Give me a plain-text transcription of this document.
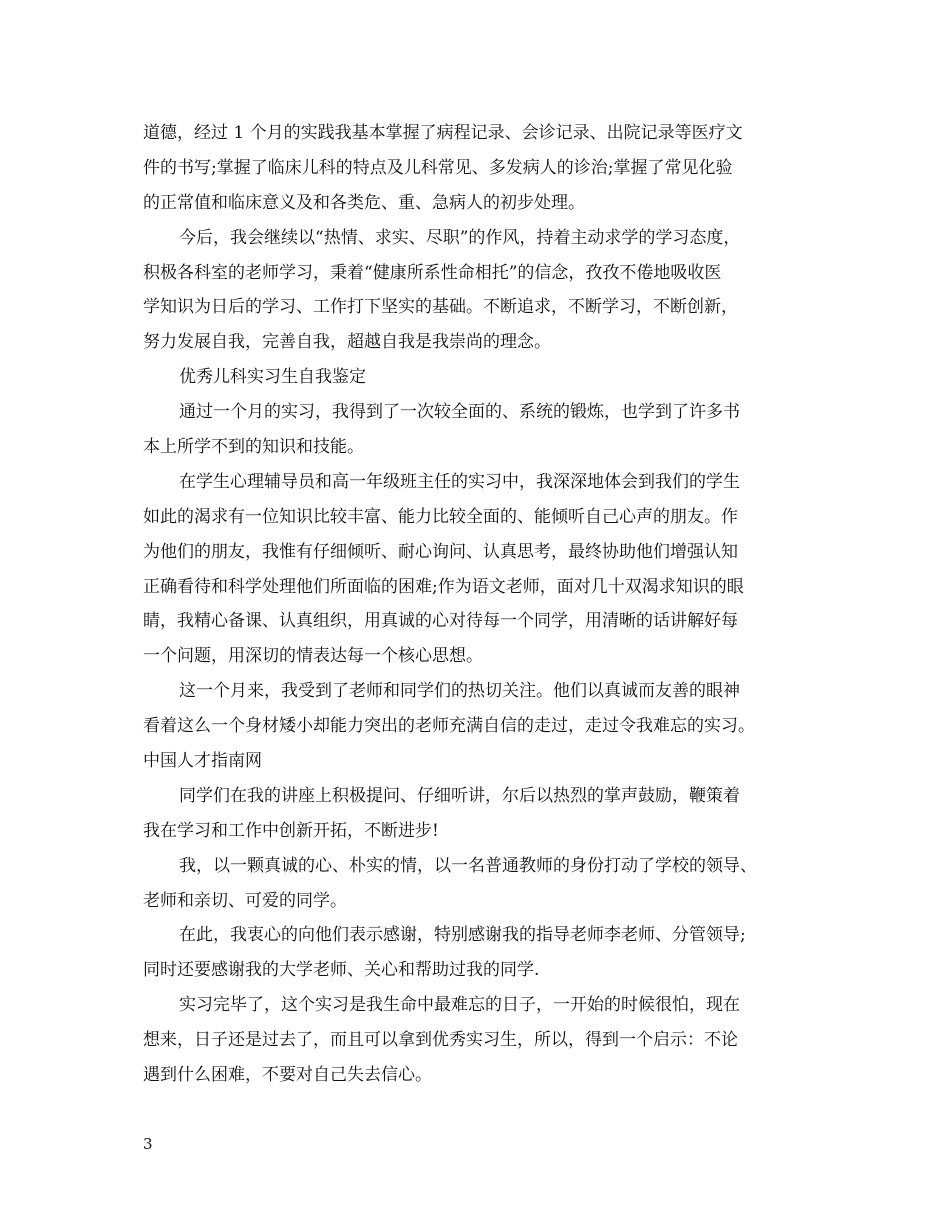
道德，经过 1 个月的实践我基本掌握了病程记录、会诊记录、出院记录等医疗文
件的书写;掌握了临床儿科的特点及儿科常见、多发病人的诊治;掌握了常见化验
的正常值和临床意义及和各类危、重、急病人的初步处理。
今后，我会继续以“热情、求实、尽职”的作风，持着主动求学的学习态度，
积极各科室的老师学习，秉着“健康所系性命相托”的信念，孜孜不倦地吸收医
学知识为日后的学习、工作打下坚实的基础。不断追求，不断学习，不断创新，
努力发展自我，完善自我，超越自我是我崇尚的理念。
优秀儿科实习生自我鉴定
通过一个月的实习，我得到了一次较全面的、系统的锻炼，也学到了许多书
本上所学不到的知识和技能。
在学生心理辅导员和高一年级班主任的实习中，我深深地体会到我们的学生
如此的渴求有一位知识比较丰富、能力比较全面的、能倾听自己心声的朋友。作
为他们的朋友，我惟有仔细倾听、耐心询问、认真思考，最终协助他们增强认知
正确看待和科学处理他们所面临的困难;作为语文老师，面对几十双渴求知识的眼
睛，我精心备课、认真组织，用真诚的心对待每一个同学，用清晰的话讲解好每
一个问题，用深切的情表达每一个核心思想。
这一个月来，我受到了老师和同学们的热切关注。他们以真诚而友善的眼神
看着这么一个身材矮小却能力突出的老师充满自信的走过，走过令我难忘的实习。
中国人才指南网
同学们在我的讲座上积极提问、仔细听讲，尔后以热烈的掌声鼓励，鞭策着
我在学习和工作中创新开拓，不断进步!
我，以一颗真诚的心、朴实的情，以一名普通教师的身份打动了学校的领导、
老师和亲切、可爱的同学。
在此，我衷心的向他们表示感谢，特别感谢我的指导老师李老师、分管领导;
同时还要感谢我的大学老师、关心和帮助过我的同学.
实习完毕了，这个实习是我生命中最难忘的日子，一开始的时候很怕，现在
想来，日子还是过去了，而且可以拿到优秀实习生，所以，得到一个启示：不论
遇到什么困难，不要对自己失去信心。
3
